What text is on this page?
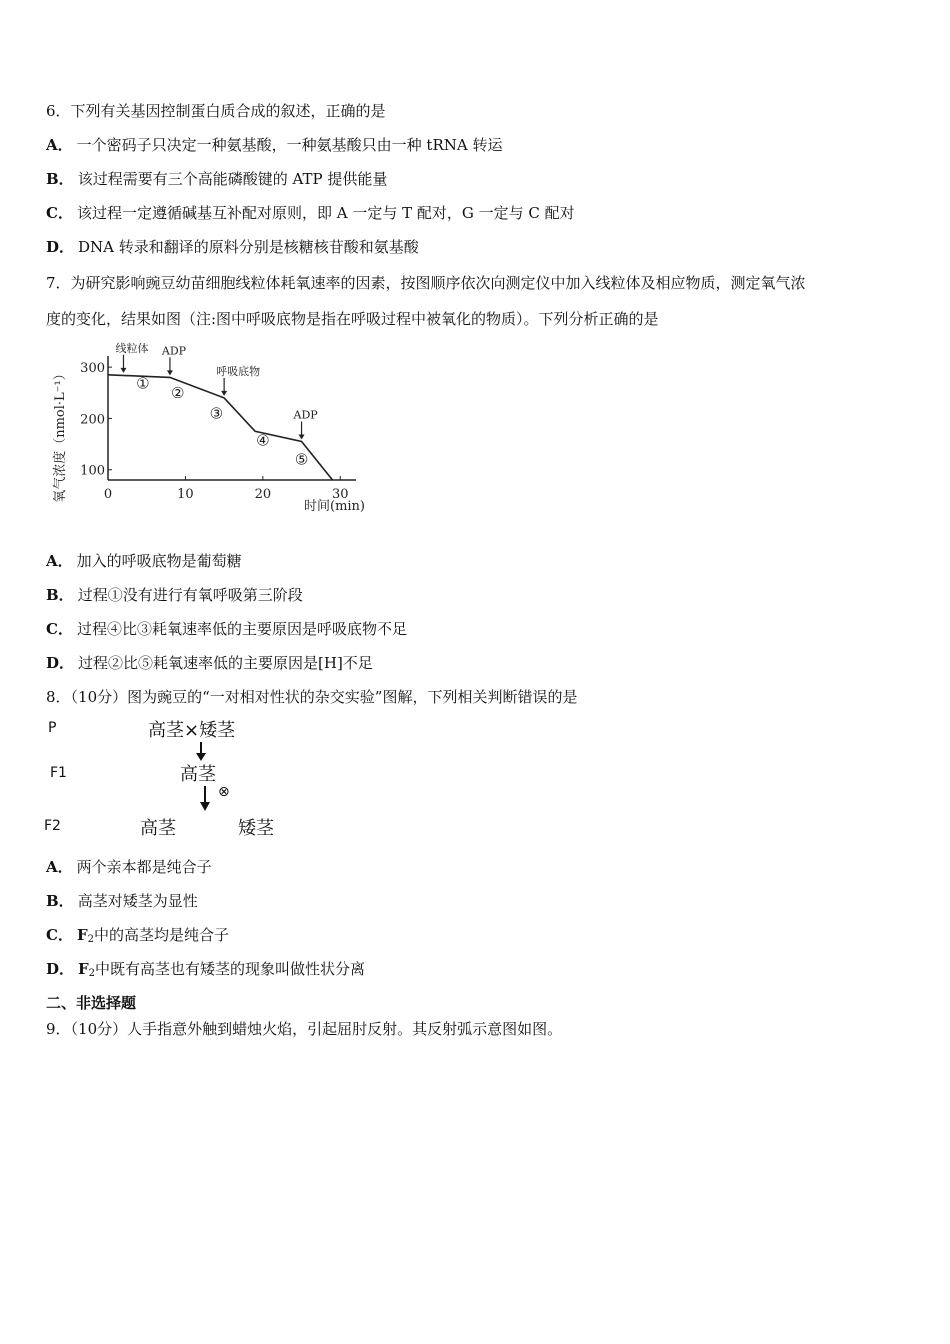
6．下列有关基因控制蛋白质合成的叙述，正确的是
A． 一个密码子只决定一种氨基酸，一种氨基酸只由一种 tRNA 转运
B． 该过程需要有三个高能磷酸键的 ATP 提供能量
C． 该过程一定遵循碱基互补配对原则，即 A 一定与 T 配对，G 一定与 C 配对
D． DNA 转录和翻译的原料分别是核糖核苷酸和氨基酸
7．为研究影响豌豆幼苗细胞线粒体耗氧速率的因素，按图顺序依次向测定仪中加入线粒体及相应物质，测定氧气浓
度的变化，结果如图（注:图中呼吸底物是指在呼吸过程中被氧化的物质）。下列分析正确的是
0	10	20	30
100
200
300
线粒体 ADP
呼吸底物
ADP
①
②
③
④
⑤
氧气浓度（nmol·L⁻¹）
时间(min)
A． 加入的呼吸底物是葡萄糖
B． 过程①没有进行有氧呼吸第三阶段
C． 过程④比③耗氧速率低的主要原因是呼吸底物不足
D． 过程②比⑤耗氧速率低的主要原因是[H]不足
8．（10分）图为豌豆的“一对相对性状的杂交实验”图解，下列相关判断错误的是
P	高茎×矮茎
F1	高茎
⊗
F2	高茎	矮茎
A． 两个亲本都是纯合子
B． 高茎对矮茎为显性
C． $F_2$中的高茎均是纯合子
D． $F_2$中既有高茎也有矮茎的现象叫做性状分离
二、非选择题
9．（10分）人手指意外触到蜡烛火焰，引起屈肘反射。其反射弧示意图如图。
